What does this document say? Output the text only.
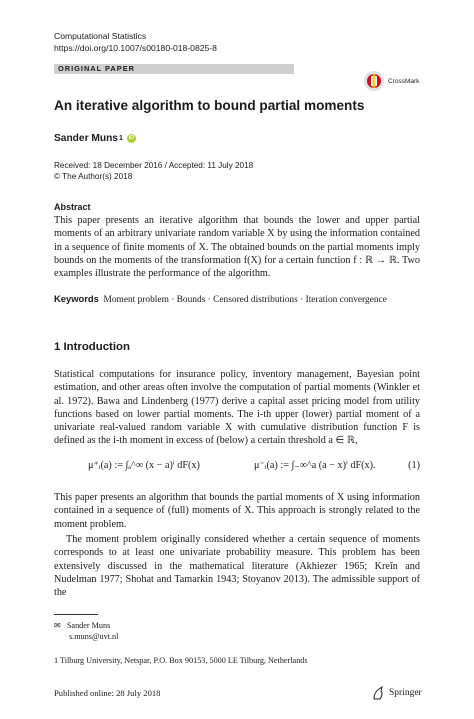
Computational Statistics
https://doi.org/10.1007/s00180-018-0825-8
ORIGINAL PAPER
CrossMark
An iterative algorithm to bound partial moments
Sander Muns 1	iD
Received: 18 December 2016 / Accepted: 11 July 2018
© The Author(s) 2018
Abstract
This paper presents an iterative algorithm that bounds the lower and upper partial moments of an arbitrary univariate random variable X by using the information contained in a sequence of finite moments of X. The obtained bounds on the partial moments imply bounds on the moments of the transformation f(X) for a certain function f : ℝ → ℝ. Two examples illustrate the performance of the algorithm.
Keywords Moment problem · Bounds · Censored distributions · Iteration convergence
1 Introduction
Statistical computations for insurance policy, inventory management, Bayesian point estimation, and other areas often involve the computation of partial moments (Winkler et al. 1972). Bawa and Lindenberg (1977) derive a capital asset pricing model from utility functions based on lower partial moments. The i-th upper (lower) partial moment of a univariate real-valued random variable X with cumulative distribution function F is defined as the i-th moment in excess of (below) a certain threshold a ∈ ℝ,
μ⁺ᵢ(a) := ∫ₐ^∞ (x − a)ⁱ dF(x)	μ⁻ᵢ(a) := ∫₋∞^a (a − x)ⁱ dF(x).	(1)
This paper presents an algorithm that bounds the partial moments of X using information contained in a sequence of (full) moments of X. This approach is strongly related to the moment problem.
The moment problem originally considered whether a certain sequence of moments corresponds to at least one univariate probability measure. This problem has been extensively discussed in the mathematical literature (Akhiezer 1965; Kreĭn and Nudelman 1977; Shohat and Tamarkin 1943; Stoyanov 2013). The admissible support of the
✉ Sander Muns
s.muns@uvt.nl
1 Tilburg University, Netspar, P.O. Box 90153, 5000 LE Tilburg, Netherlands
Published online: 28 July 2018	Springer
